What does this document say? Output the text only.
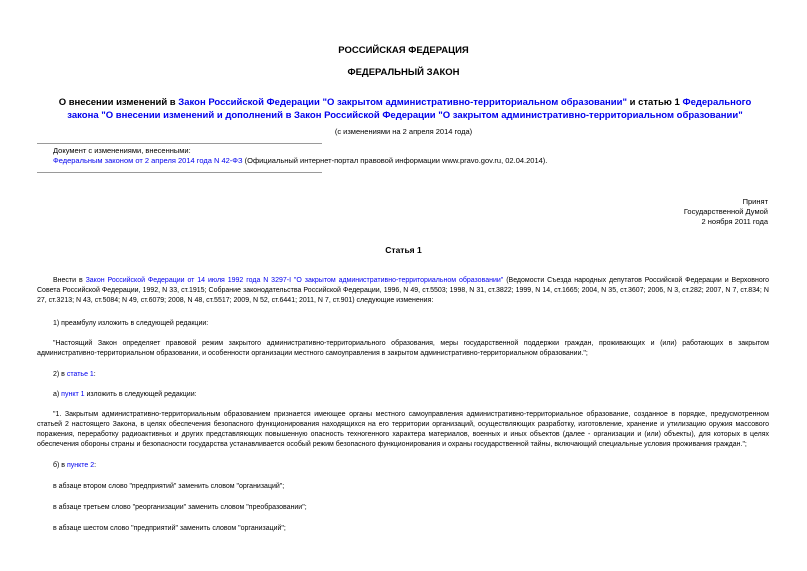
РОССИЙСКАЯ ФЕДЕРАЦИЯ
ФЕДЕРАЛЬНЫЙ ЗАКОН
О внесении изменений в Закон Российской Федерации "О закрытом административно-территориальном образовании" и статью 1 Федерального закона "О внесении изменений и дополнений в Закон Российской Федерации "О закрытом административно-территориальном образовании"
(с изменениями на 2 апреля 2014 года)
Документ с изменениями, внесенными:
Федеральным законом от 2 апреля 2014 года N 42-ФЗ (Официальный интернет-портал правовой информации www.pravo.gov.ru, 02.04.2014).
Принят
Государственной Думой
2 ноября 2011 года
Статья 1
Внести в Закон Российской Федерации от 14 июля 1992 года N 3297-I "О закрытом административно-территориальном образовании" (Ведомости Съезда народных депутатов Российской Федерации и Верховного Совета Российской Федерации, 1992, N 33, ст.1915; Собрание законодательства Российской Федерации, 1996, N 49, ст.5503; 1998, N 31, ст.3822; 1999, N 14, ст.1665; 2004, N 35, ст.3607; 2006, N 3, ст.282; 2007, N 7, ст.834; N 27, ст.3213; N 43, ст.5084; N 49, ст.6079; 2008, N 48, ст.5517; 2009, N 52, ст.6441; 2011, N 7, ст.901) следующие изменения:
1) преамбулу изложить в следующей редакции:
"Настоящий Закон определяет правовой режим закрытого административно-территориального образования, меры государственной поддержки граждан, проживающих и (или) работающих в закрытом административно-территориальном образовании, и особенности организации местного самоуправления в закрытом административно-территориальном образовании.";
2) в статье 1:
а) пункт 1 изложить в следующей редакции:
"1. Закрытым административно-территориальным образованием признается имеющее органы местного самоуправления административно-территориальное образование, созданное в порядке, предусмотренном статьей 2 настоящего Закона, в целях обеспечения безопасного функционирования находящихся на его территории организаций, осуществляющих разработку, изготовление, хранение и утилизацию оружия массового поражения, переработку радиоактивных и других представляющих повышенную опасность техногенного характера материалов, военных и иных объектов (далее - организации и (или) объекты), для которых в целях обеспечения обороны страны и безопасности государства устанавливается особый режим безопасного функционирования и охраны государственной тайны, включающий специальные условия проживания граждан.";
б) в пункте 2:
в абзаце втором слово "предприятий" заменить словом "организаций";
в абзаце третьем слово "реорганизации" заменить словом "преобразовании";
в абзаце шестом слово "предприятий" заменить словом "организаций";
